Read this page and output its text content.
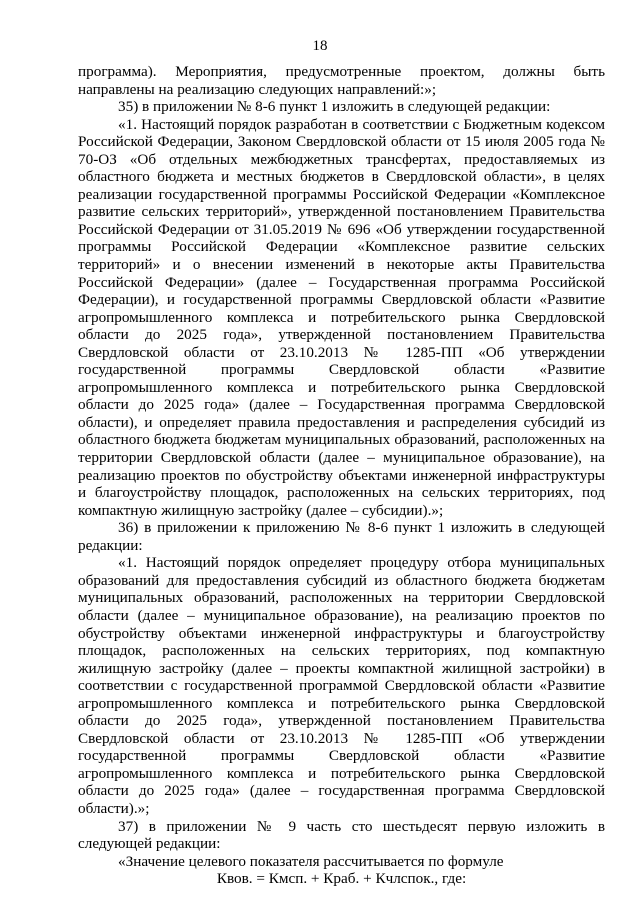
18

программа). Мероприятия, предусмотренные проектом, должны быть направлены на реализацию следующих направлений:»;

35) в приложении № 8-6 пункт 1 изложить в следующей редакции:

«1. Настоящий порядок разработан в соответствии с Бюджетным кодексом Российской Федерации, Законом Свердловской области от 15 июля 2005 года № 70-ОЗ «Об отдельных межбюджетных трансфертах, предоставляемых из областного бюджета и местных бюджетов в Свердловской области», в целях реализации государственной программы Российской Федерации «Комплексное развитие сельских территорий», утвержденной постановлением Правительства Российской Федерации от 31.05.2019 № 696 «Об утверждении государственной программы Российской Федерации «Комплексное развитие сельских территорий» и о внесении изменений в некоторые акты Правительства Российской Федерации» (далее – Государственная программа Российской Федерации), и государственной программы Свердловской области «Развитие агропромышленного комплекса и потребительского рынка Свердловской области до 2025 года», утвержденной постановлением Правительства Свердловской области от 23.10.2013 № 1285-ПП «Об утверждении государственной программы Свердловской области «Развитие агропромышленного комплекса и потребительского рынка Свердловской области до 2025 года» (далее – Государственная программа Свердловской области), и определяет правила предоставления и распределения субсидий из областного бюджета бюджетам муниципальных образований, расположенных на территории Свердловской области (далее – муниципальное образование), на реализацию проектов по обустройству объектами инженерной инфраструктуры и благоустройству площадок, расположенных на сельских территориях, под компактную жилищную застройку (далее – субсидии).»;

36) в приложении к приложению № 8-6 пункт 1 изложить в следующей редакции:

«1. Настоящий порядок определяет процедуру отбора муниципальных образований для предоставления субсидий из областного бюджета бюджетам муниципальных образований, расположенных на территории Свердловской области (далее – муниципальное образование), на реализацию проектов по обустройству объектами инженерной инфраструктуры и благоустройству площадок, расположенных на сельских территориях, под компактную жилищную застройку (далее – проекты компактной жилищной застройки) в соответствии с государственной программой Свердловской области «Развитие агропромышленного комплекса и потребительского рынка Свердловской области до 2025 года», утвержденной постановлением Правительства Свердловской области от 23.10.2013 № 1285-ПП «Об утверждении государственной программы Свердловской области «Развитие агропромышленного комплекса и потребительского рынка Свердловской области до 2025 года» (далее – государственная программа Свердловской области).»;

37) в приложении № 9 часть сто шестьдесят первую изложить в следующей редакции:

«Значение целевого показателя рассчитывается по формуле

Квов. = Кмсп. + Краб. + Кчлспок., где:
